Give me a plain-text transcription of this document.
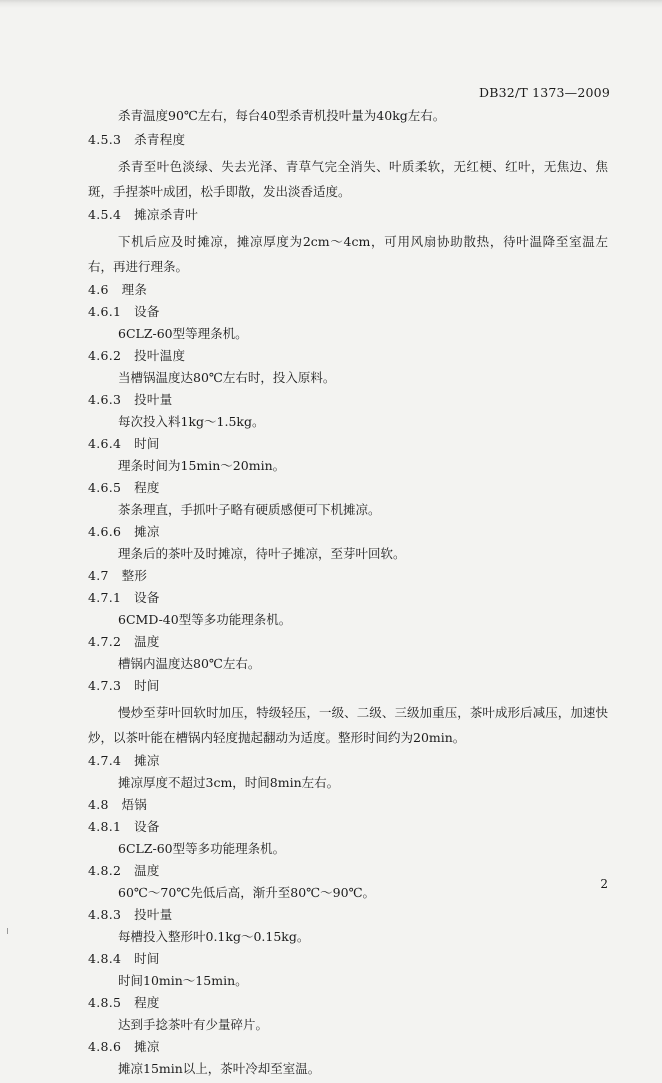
DB32/T 1373—2009
杀青温度90℃左右，每台40型杀青机投叶量为40kg左右。
4.5.3　杀青程度
杀青至叶色淡绿、失去光泽、青草气完全消失、叶质柔软，无红梗、红叶，无焦边、焦斑，手捏茶叶成团，松手即散，发出淡香适度。
4.5.4　摊凉杀青叶
下机后应及时摊凉，摊凉厚度为2cm～4cm，可用风扇协助散热，待叶温降至室温左右，再进行理条。
4.6　理条
4.6.1　设备
6CLZ-60型等理条机。
4.6.2　投叶温度
当槽锅温度达80℃左右时，投入原料。
4.6.3　投叶量
每次投入料1kg～1.5kg。
4.6.4　时间
理条时间为15min～20min。
4.6.5　程度
茶条理直，手抓叶子略有硬质感便可下机摊凉。
4.6.6　摊凉
理条后的茶叶及时摊凉，待叶子摊凉，至芽叶回软。
4.7　整形
4.7.1　设备
6CMD-40型等多功能理条机。
4.7.2　温度
槽锅内温度达80℃左右。
4.7.3　时间
慢炒至芽叶回软时加压，特级轻压，一级、二级、三级加重压，茶叶成形后减压，加速快炒，以茶叶能在槽锅内轻度抛起翻动为适度。整形时间约为20min。
4.7.4　摊凉
摊凉厚度不超过3cm，时间8min左右。
4.8　焐锅
4.8.1　设备
6CLZ-60型等多功能理条机。
4.8.2　温度
60℃～70℃先低后高，渐升至80℃～90℃。
4.8.3　投叶量
每槽投入整形叶0.1kg～0.15kg。
4.8.4　时间
时间10min～15min。
4.8.5　程度
达到手捻茶叶有少量碎片。
4.8.6　摊凉
摊凉15min以上，茶叶冷却至室温。
2
